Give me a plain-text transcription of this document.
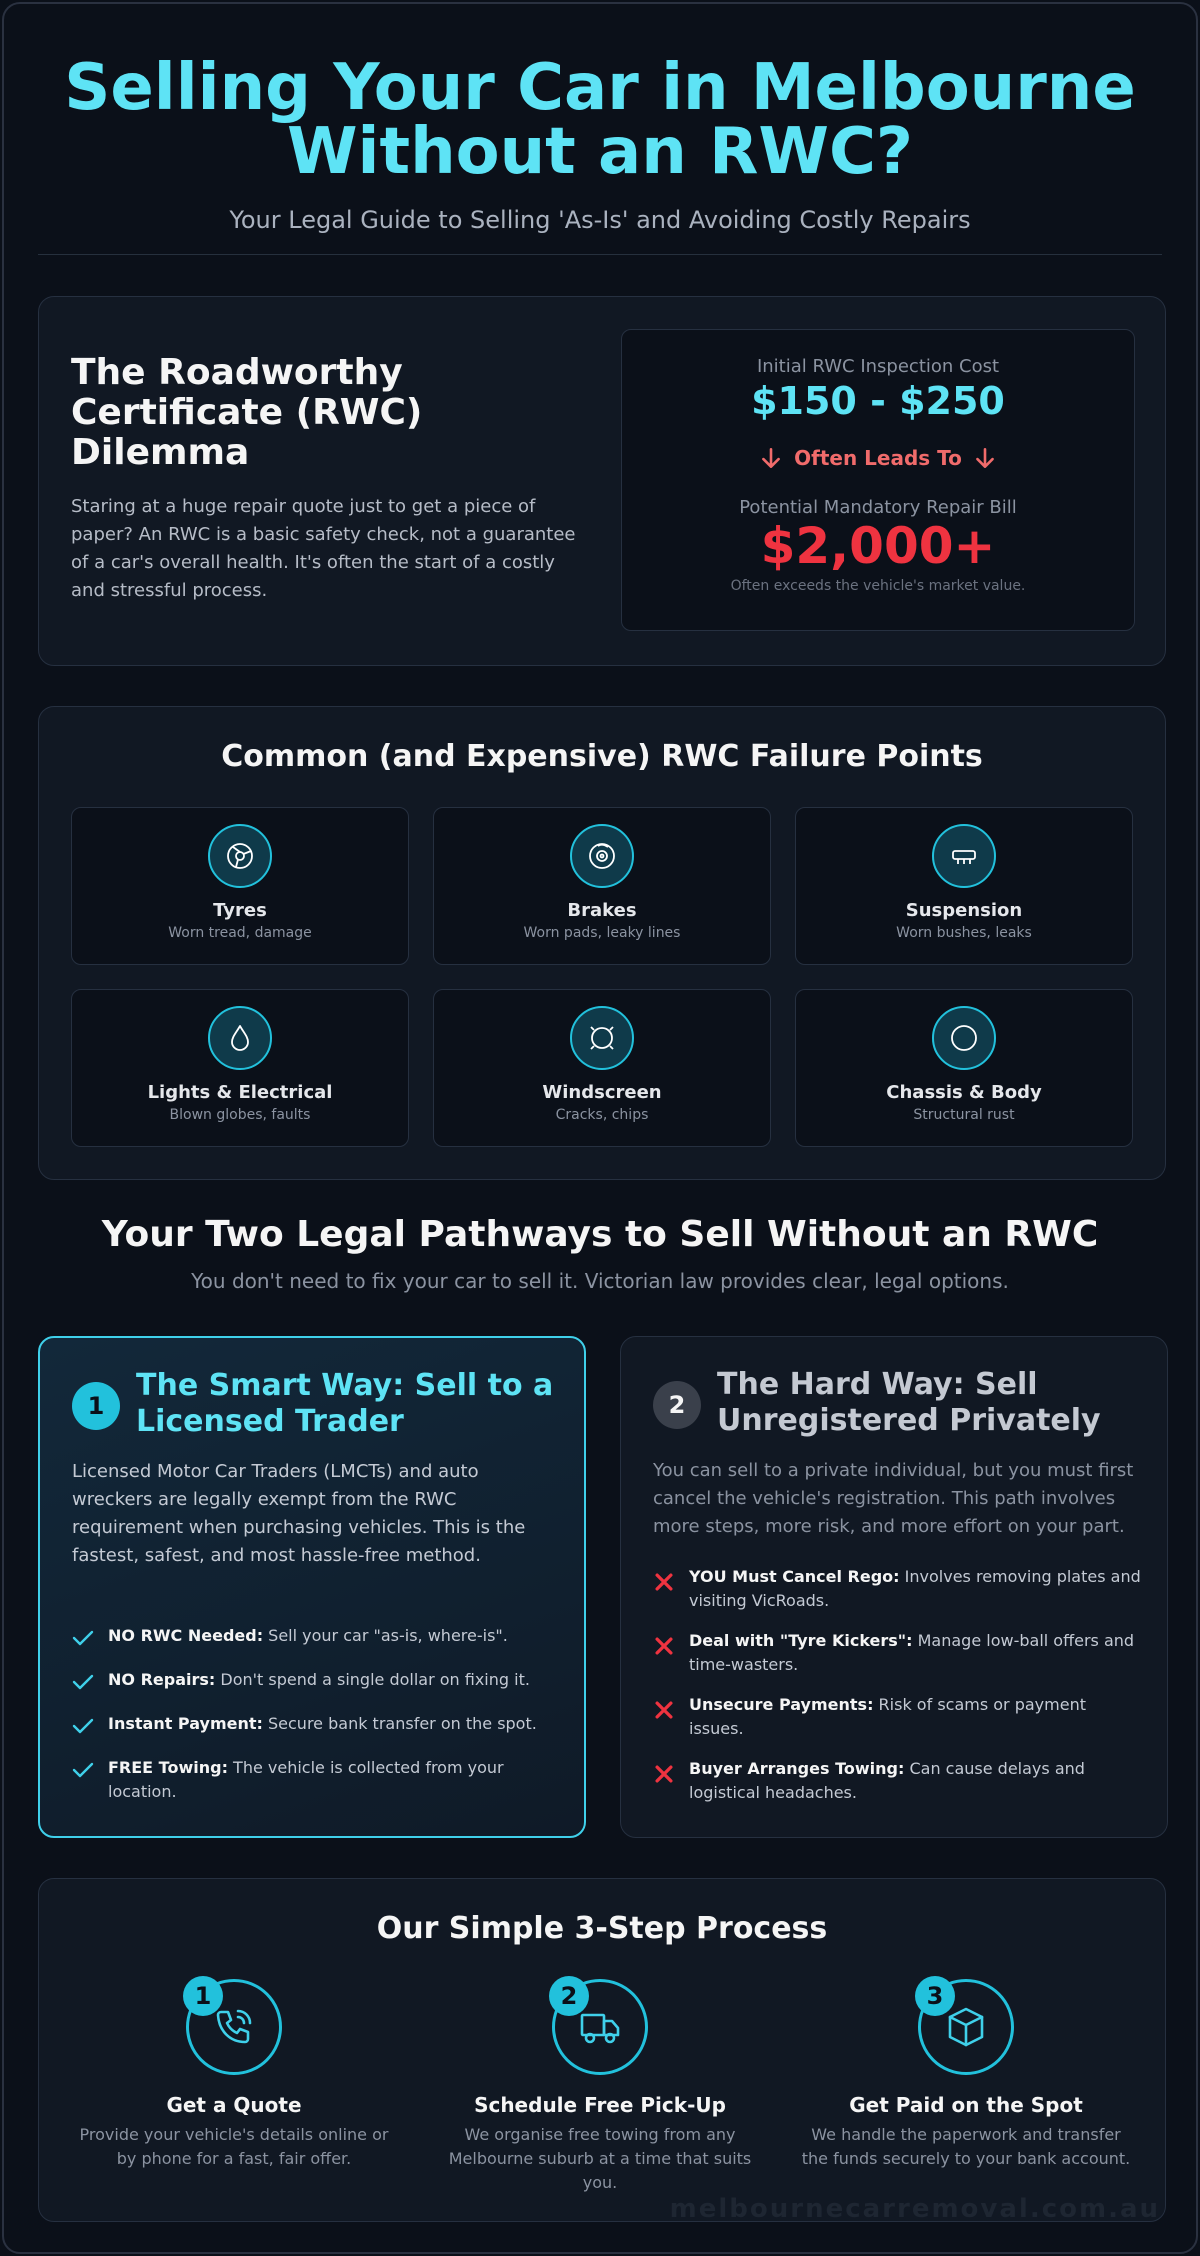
Selling Your Car in Melbourne
Without an RWC?
Your Legal Guide to Selling 'As-Is' and Avoiding Costly Repairs
The Roadworthy Certificate (RWC) Dilemma

Staring at a huge repair quote just to get a piece of paper? An RWC is a basic safety check, not a guarantee of a car's overall health. It's often the start of a costly and stressful process.

Initial RWC Inspection Cost
$150 - $250
Often Leads To
Potential Mandatory Repair Bill
$2,000+
Often exceeds the vehicle's market value.
Common (and Expensive) RWC Failure Points
Tyres
Worn tread, damage
Brakes
Worn pads, leaky lines
Suspension
Worn bushes, leaks
Lights & Electrical
Blown globes, faults
Windscreen
Cracks, chips
Chassis & Body
Structural rust
Your Two Legal Pathways to Sell Without an RWC

You don't need to fix your car to sell it. Victorian law provides clear, legal options.

1
The Smart Way: Sell to a Licensed Trader
Licensed Motor Car Traders (LMCTs) and auto wreckers are legally exempt from the RWC requirement when purchasing vehicles. This is the fastest, safest, and most hassle-free method.
NO RWC Needed: Sell your car "as-is, where-is".
NO Repairs: Don't spend a single dollar on fixing it.
Instant Payment: Secure bank transfer on the spot.
FREE Towing: The vehicle is collected from your location.
2
The Hard Way: Sell Unregistered Privately
You can sell to a private individual, but you must first cancel the vehicle's registration. This path involves more steps, more risk, and more effort on your part.
YOU Must Cancel Rego: Involves removing plates and visiting VicRoads.
Deal with "Tyre Kickers": Manage low-ball offers and time-wasters.
Unsecure Payments: Risk of scams or payment issues.
Buyer Arranges Towing: Can cause delays and logistical headaches.
Our Simple 3-Step Process
1
Get a Quote
Provide your vehicle's details online or by phone for a fast, fair offer.
2
Schedule Free Pick-Up
We organise free towing from any Melbourne suburb at a time that suits you.
3
Get Paid on the Spot
We handle the paperwork and transfer the funds securely to your bank account.
melbournecarremoval.com.au
